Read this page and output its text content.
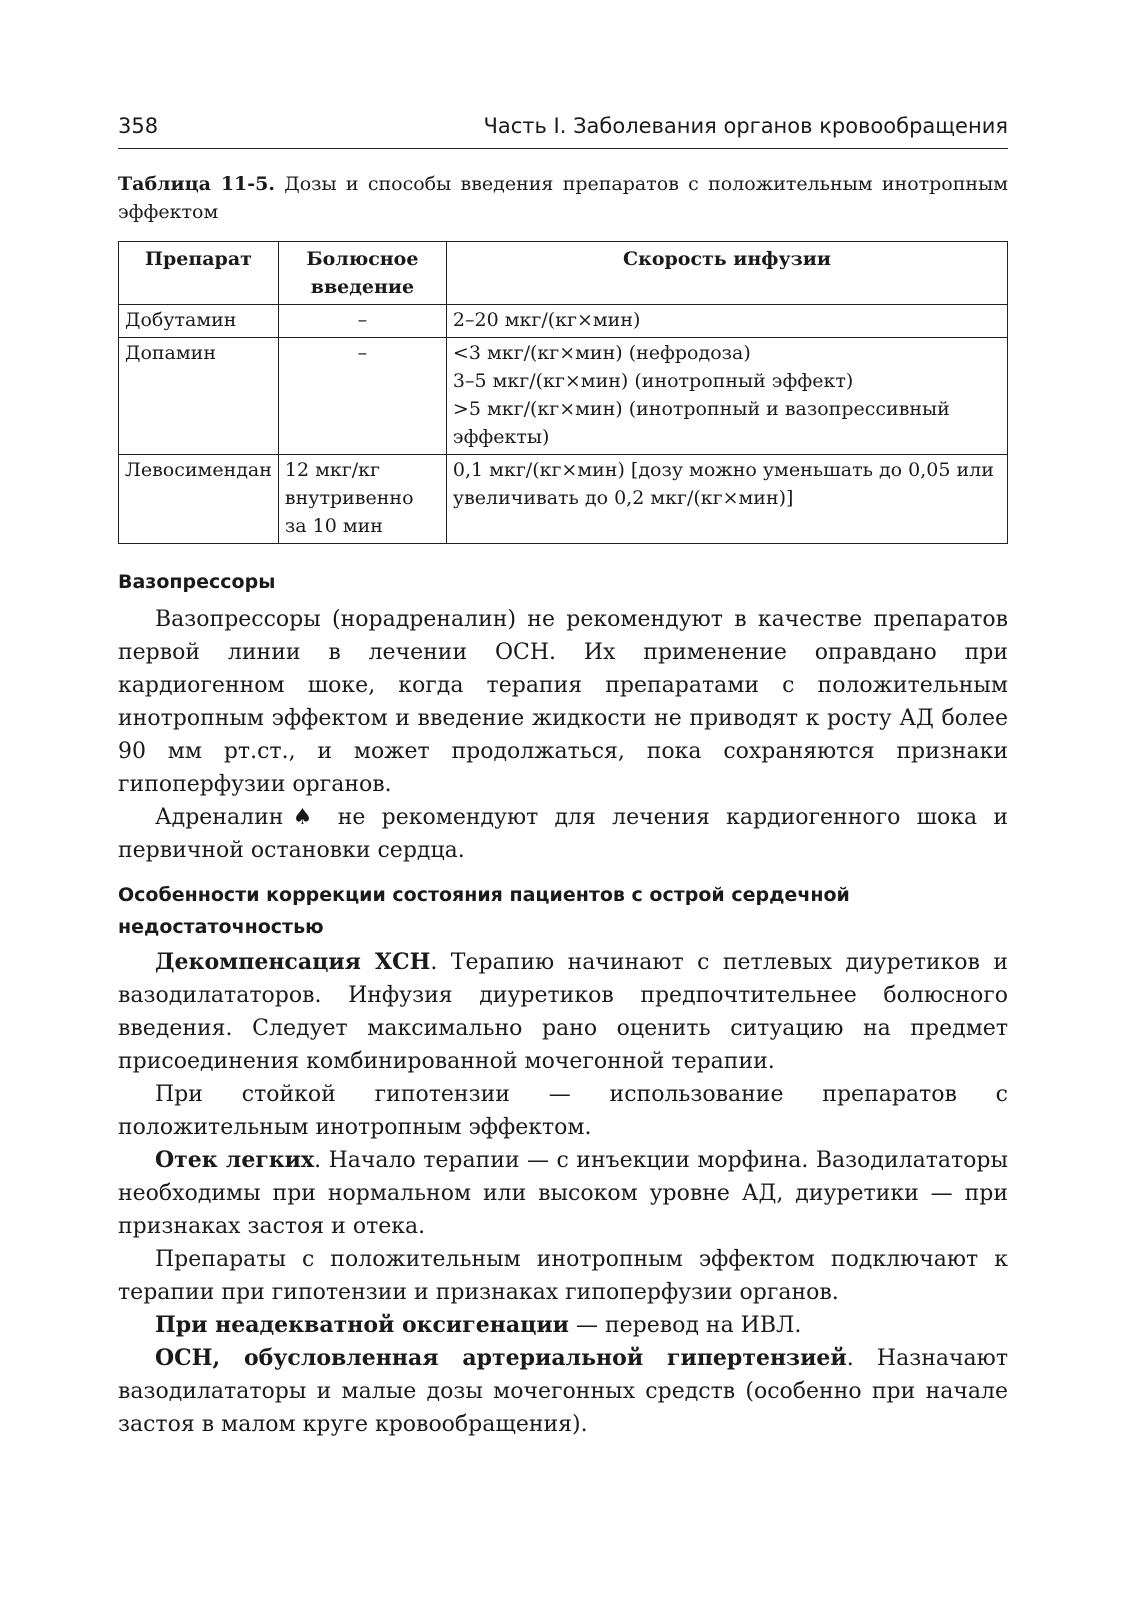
358	Часть I. Заболевания органов кровообращения
Таблица 11-5. Дозы и способы введения препаратов с положительным инотропным эффектом
Препарат	Болюсное введение	Скорость инфузии
Добутамин	–	2–20 мкг/(кг×мин)

Допамин	–	<3 мкг/(кг×мин) (нефродоза)
3–5 мкг/(кг×мин) (инотропный эффект)
>5 мкг/(кг×мин) (инотропный и вазопрессивный эффекты)

Левосимендан	12 мкг/кг внутривенно за 10 мин	0,1 мкг/(кг×мин) [дозу можно уменьшать до 0,05 или увеличивать до 0,2 мкг/(кг×мин)]
Вазопрессоры

Вазопрессоры (норадреналин) не рекомендуют в качестве препаратов первой линии в лечении ОСН. Их применение оправдано при кардиогенном шоке, когда терапия препаратами с положительным инотропным эффектом и введение жидкости не приводят к росту АД более 90 мм рт.ст., и может продолжаться, пока сохраняются признаки гипоперфузии органов.

Адреналин♠ не рекомендуют для лечения кардиогенного шока и первичной остановки сердца.

Особенности коррекции состояния пациентов с острой сердечной недостаточностью

Декомпенсация ХСН. Терапию начинают с петлевых диуретиков и вазодилататоров. Инфузия диуретиков предпочтительнее болюсного введения. Следует максимально рано оценить ситуацию на предмет присоединения комбинированной мочегонной терапии.

При стойкой гипотензии — использование препаратов с положительным инотропным эффектом.

Отек легких. Начало терапии — с инъекции морфина. Вазодилататоры необходимы при нормальном или высоком уровне АД, диуретики — при признаках застоя и отека.

Препараты с положительным инотропным эффектом подключают к терапии при гипотензии и признаках гипоперфузии органов.

При неадекватной оксигенации — перевод на ИВЛ.

ОСН, обусловленная артериальной гипертензией. Назначают вазодилататоры и малые дозы мочегонных средств (особенно при начале застоя в малом круге кровообращения).
